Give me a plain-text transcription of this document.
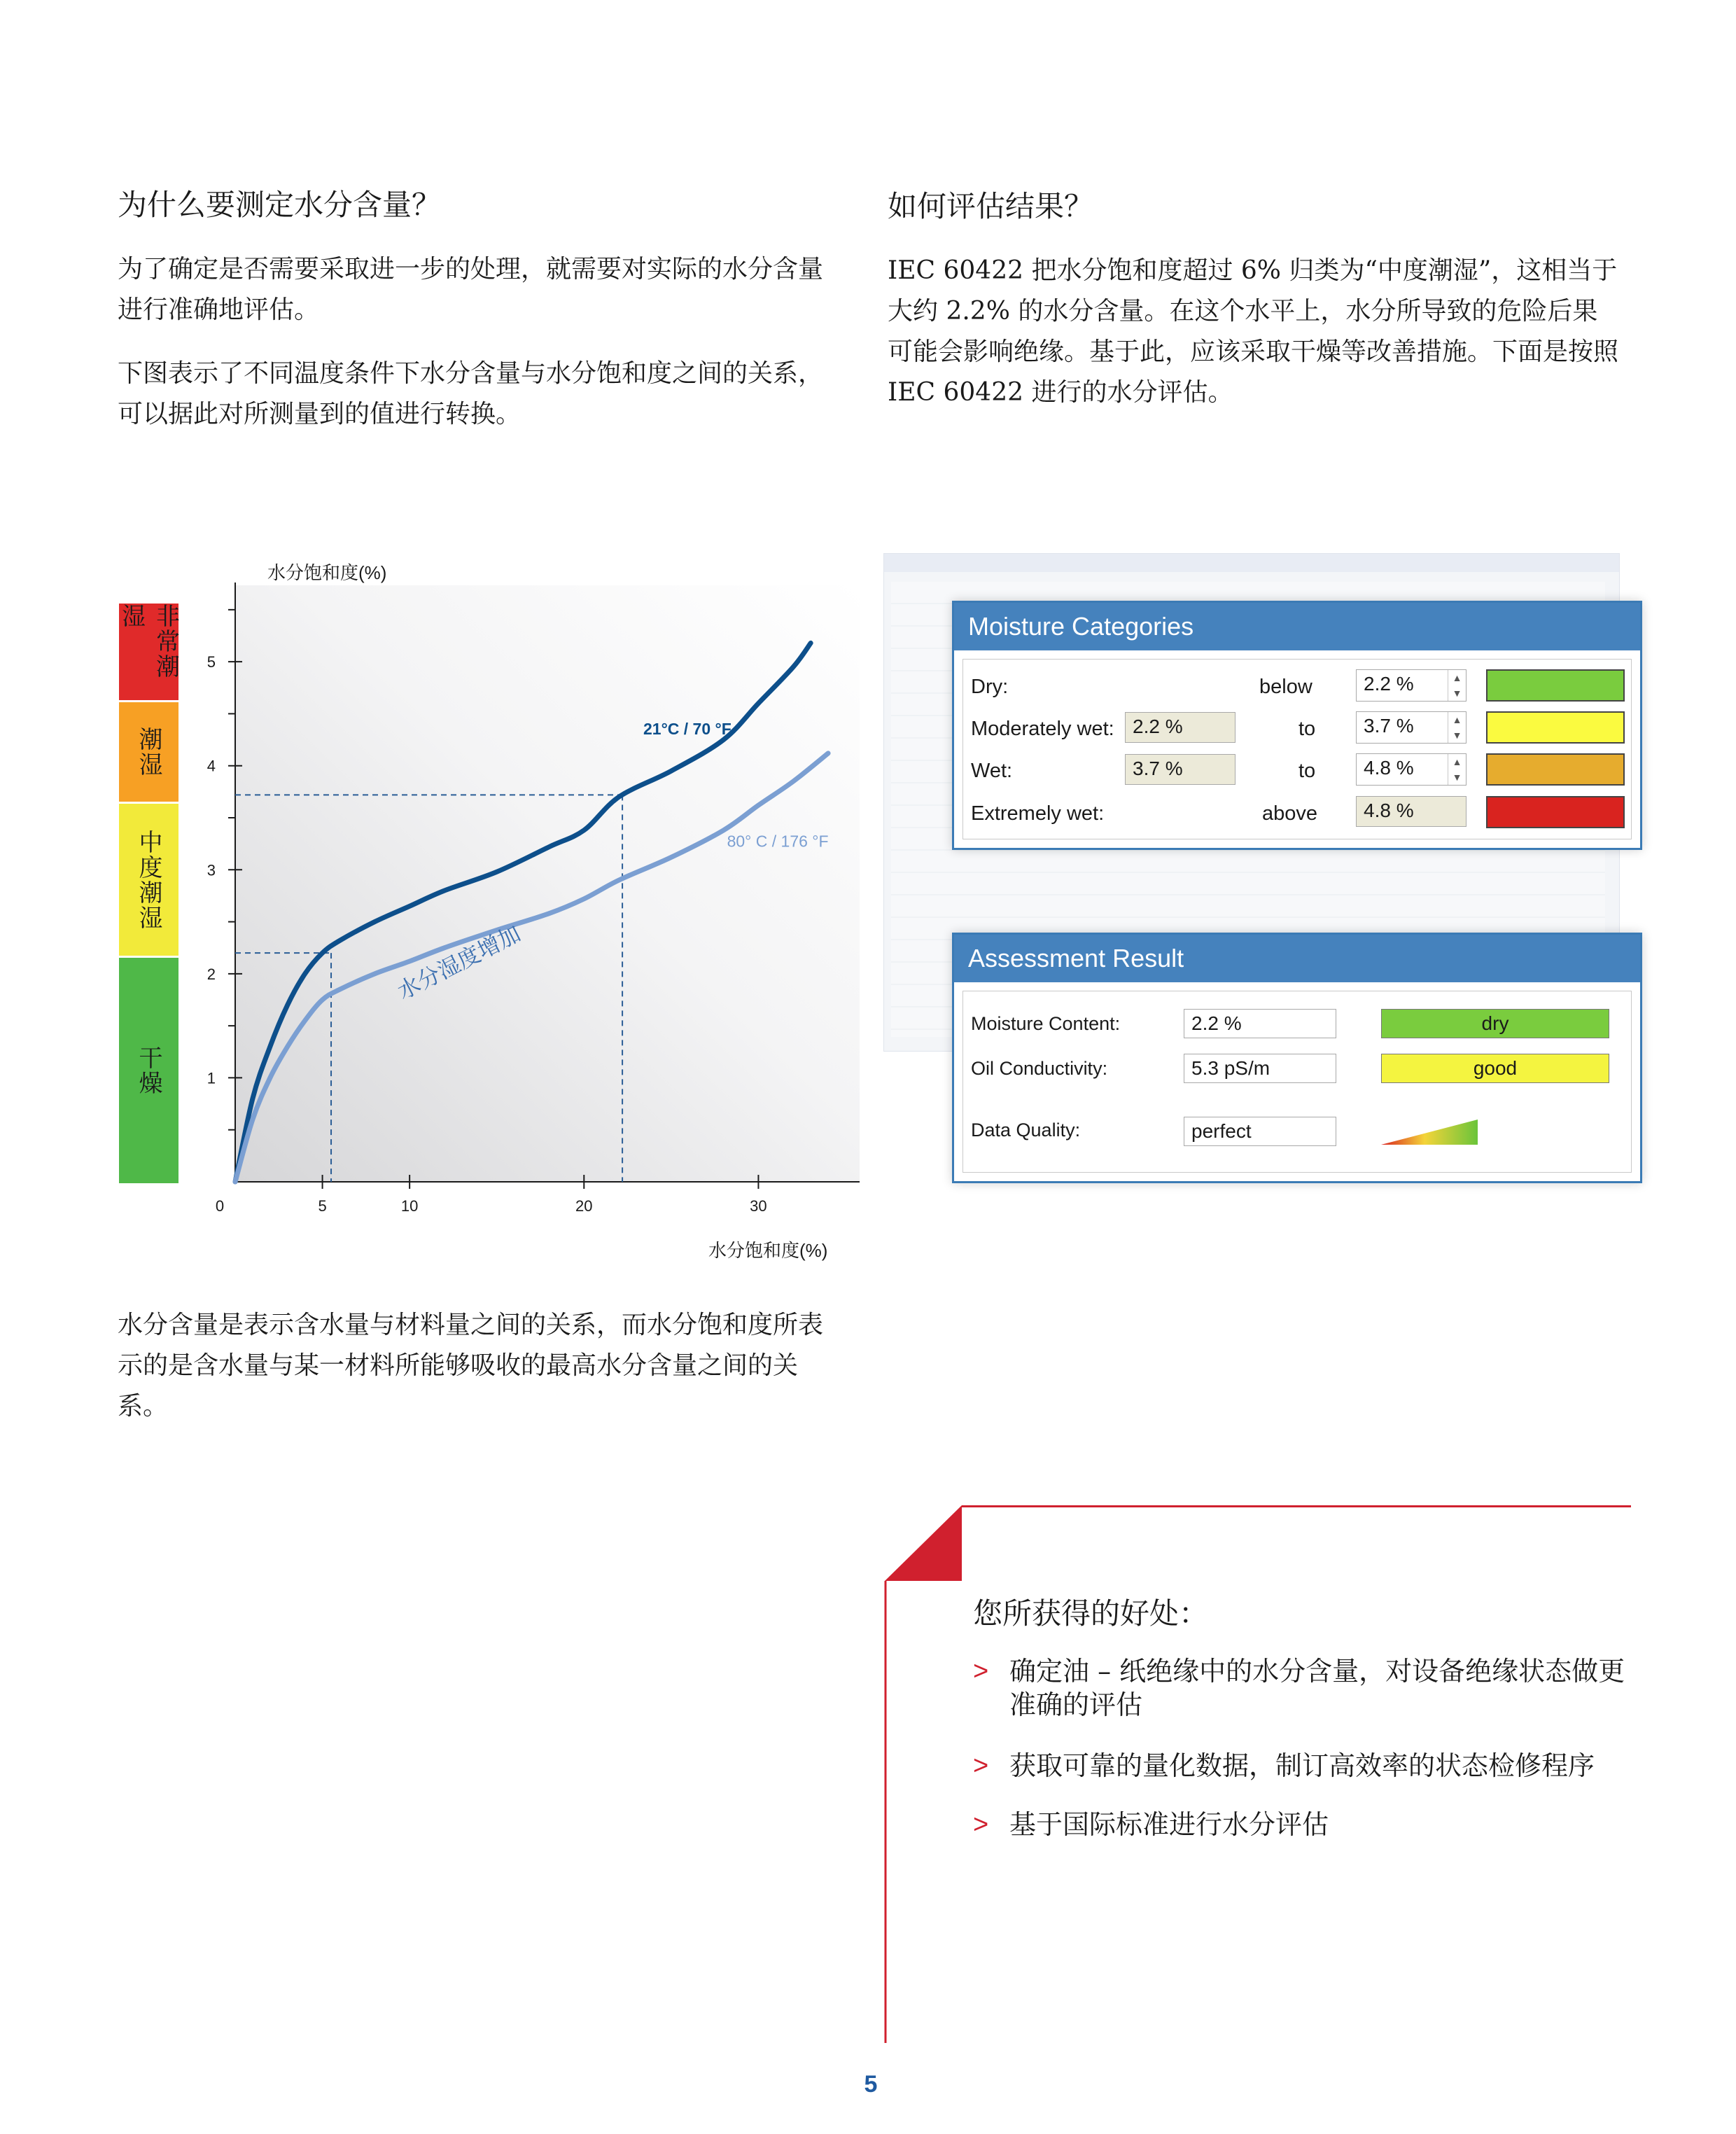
为什么要测定水分含量？

为了确定是否需要采取进一步的处理，就需要对实际的水分含量进行准确地评估。

下图表示了不同温度条件下水分含量与水分饱和度之间的关系，可以据此对所测量到的值进行转换。

如何评估结果？

IEC 60422 把水分饱和度超过 6% 归类为“中度潮湿”，这相当于大约 2.2% 的水分含量。在这个水平上，水分所导致的危险后果可能会影响绝缘。基于此，应该采取干燥等改善措施。下面是按照 IEC 60422 进行的水分评估。

水分饱和度(%)
非常潮湿
潮湿
中度潮湿
干燥	1
2
3
4
5
0	5	10	20	30
21°C / 70 °F
80° C / 176 °F
水分湿度增加
水分饱和度(%)

水分含量是表示含水量与材料量之间的关系，而水分饱和度所表示的是含水量与某一材料所能够吸收的最高水分含量之间的关系。

Moisture Categories
Dry:	below	2.2 %	▲
▼
Moderately wet: 2.2 %	to	3.7 %	▲
▼
Wet:	3.7 %	to	4.8 %	▲
▼
Extremely wet:	above	4.8 %
Assessment Result
Moisture Content:	2.2 %	dry
Oil Conductivity:	5.3 pS/m	good
Data Quality:	perfect
您所获得的好处：
> 确定油 – 纸绝缘中的水分含量，对设备绝缘状态做更准确的评估
> 获取可靠的量化数据，制订高效率的状态检修程序
> 基于国际标准进行水分评估
5
